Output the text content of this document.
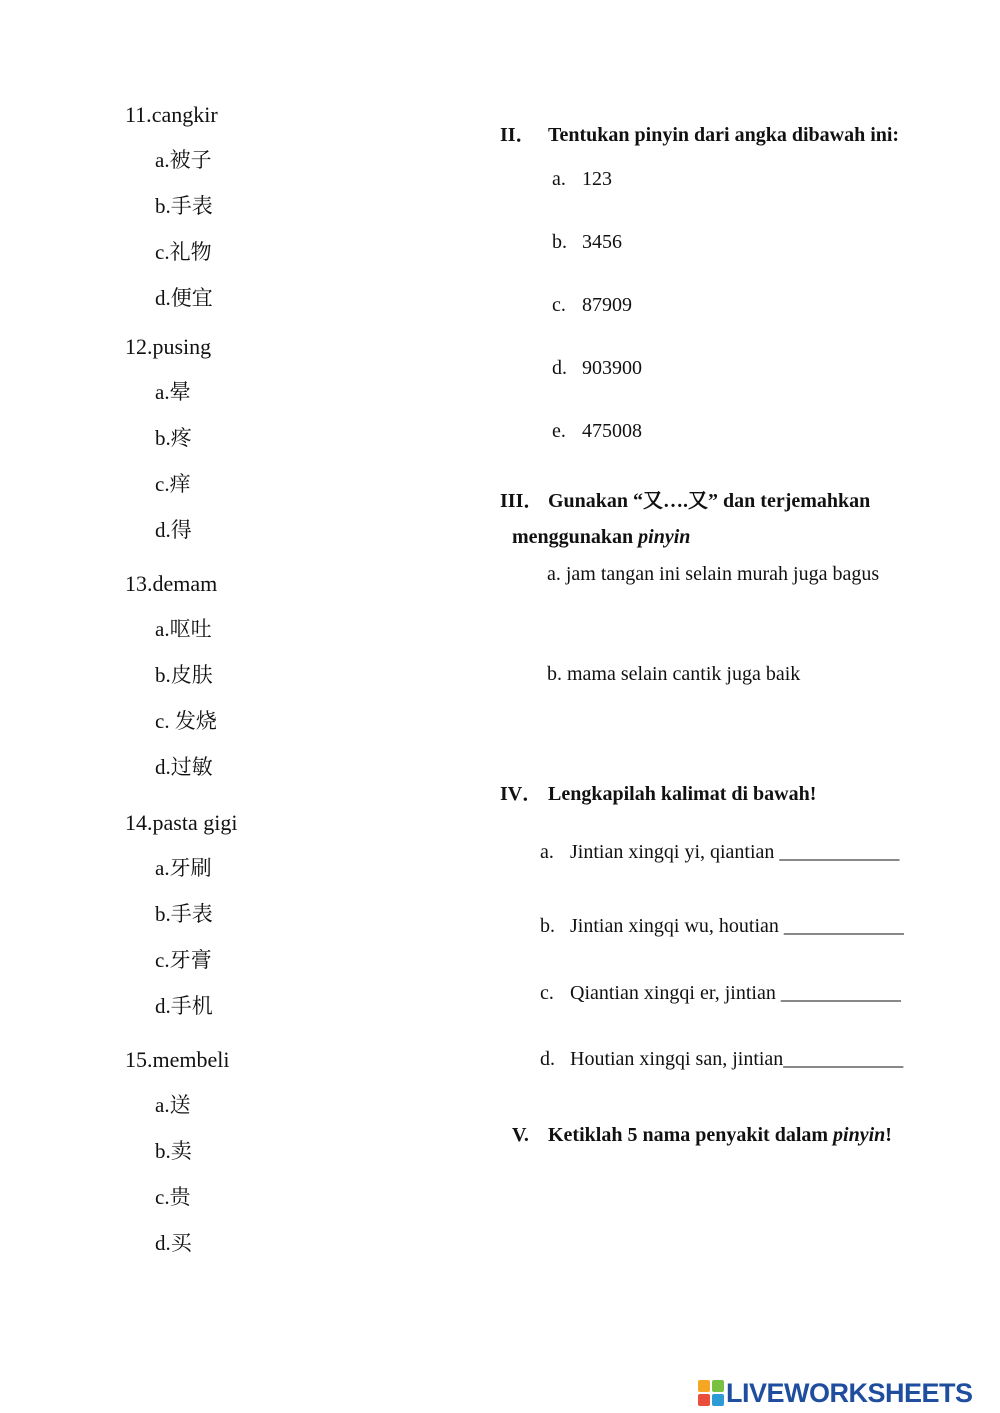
11.cangkir
a.被子
b.手表
c.礼物
d.便宜
12.pusing
a.晕
b.疼
c.痒
d.得
13.demam
a.呕吐
b.皮肤
c. 发烧
d.过敏
14.pasta gigi
a.牙刷
b.手表
c.牙膏
d.手机
15.membeli
a.送
b.卖
c.贵
d.买
II． Tentukan pinyin dari angka dibawah ini:
a. 123
b. 3456
c. 87909
d. 903900
e. 475008
III． Gunakan “又….又” dan terjemahkan
menggunakan pinyin
a. jam tangan ini selain murah juga bagus
b. mama selain cantik juga baik
IV． Lengkapilah kalimat di bawah!
a. Jintian xingqi yi, qiantian ____________
b. Jintian xingqi wu, houtian ____________
c. Qiantian xingqi er, jintian ____________
d. Houtian xingqi san, jintian____________
V. Ketiklah 5 nama penyakit dalam pinyin!
LIVEWORKSHEETS
